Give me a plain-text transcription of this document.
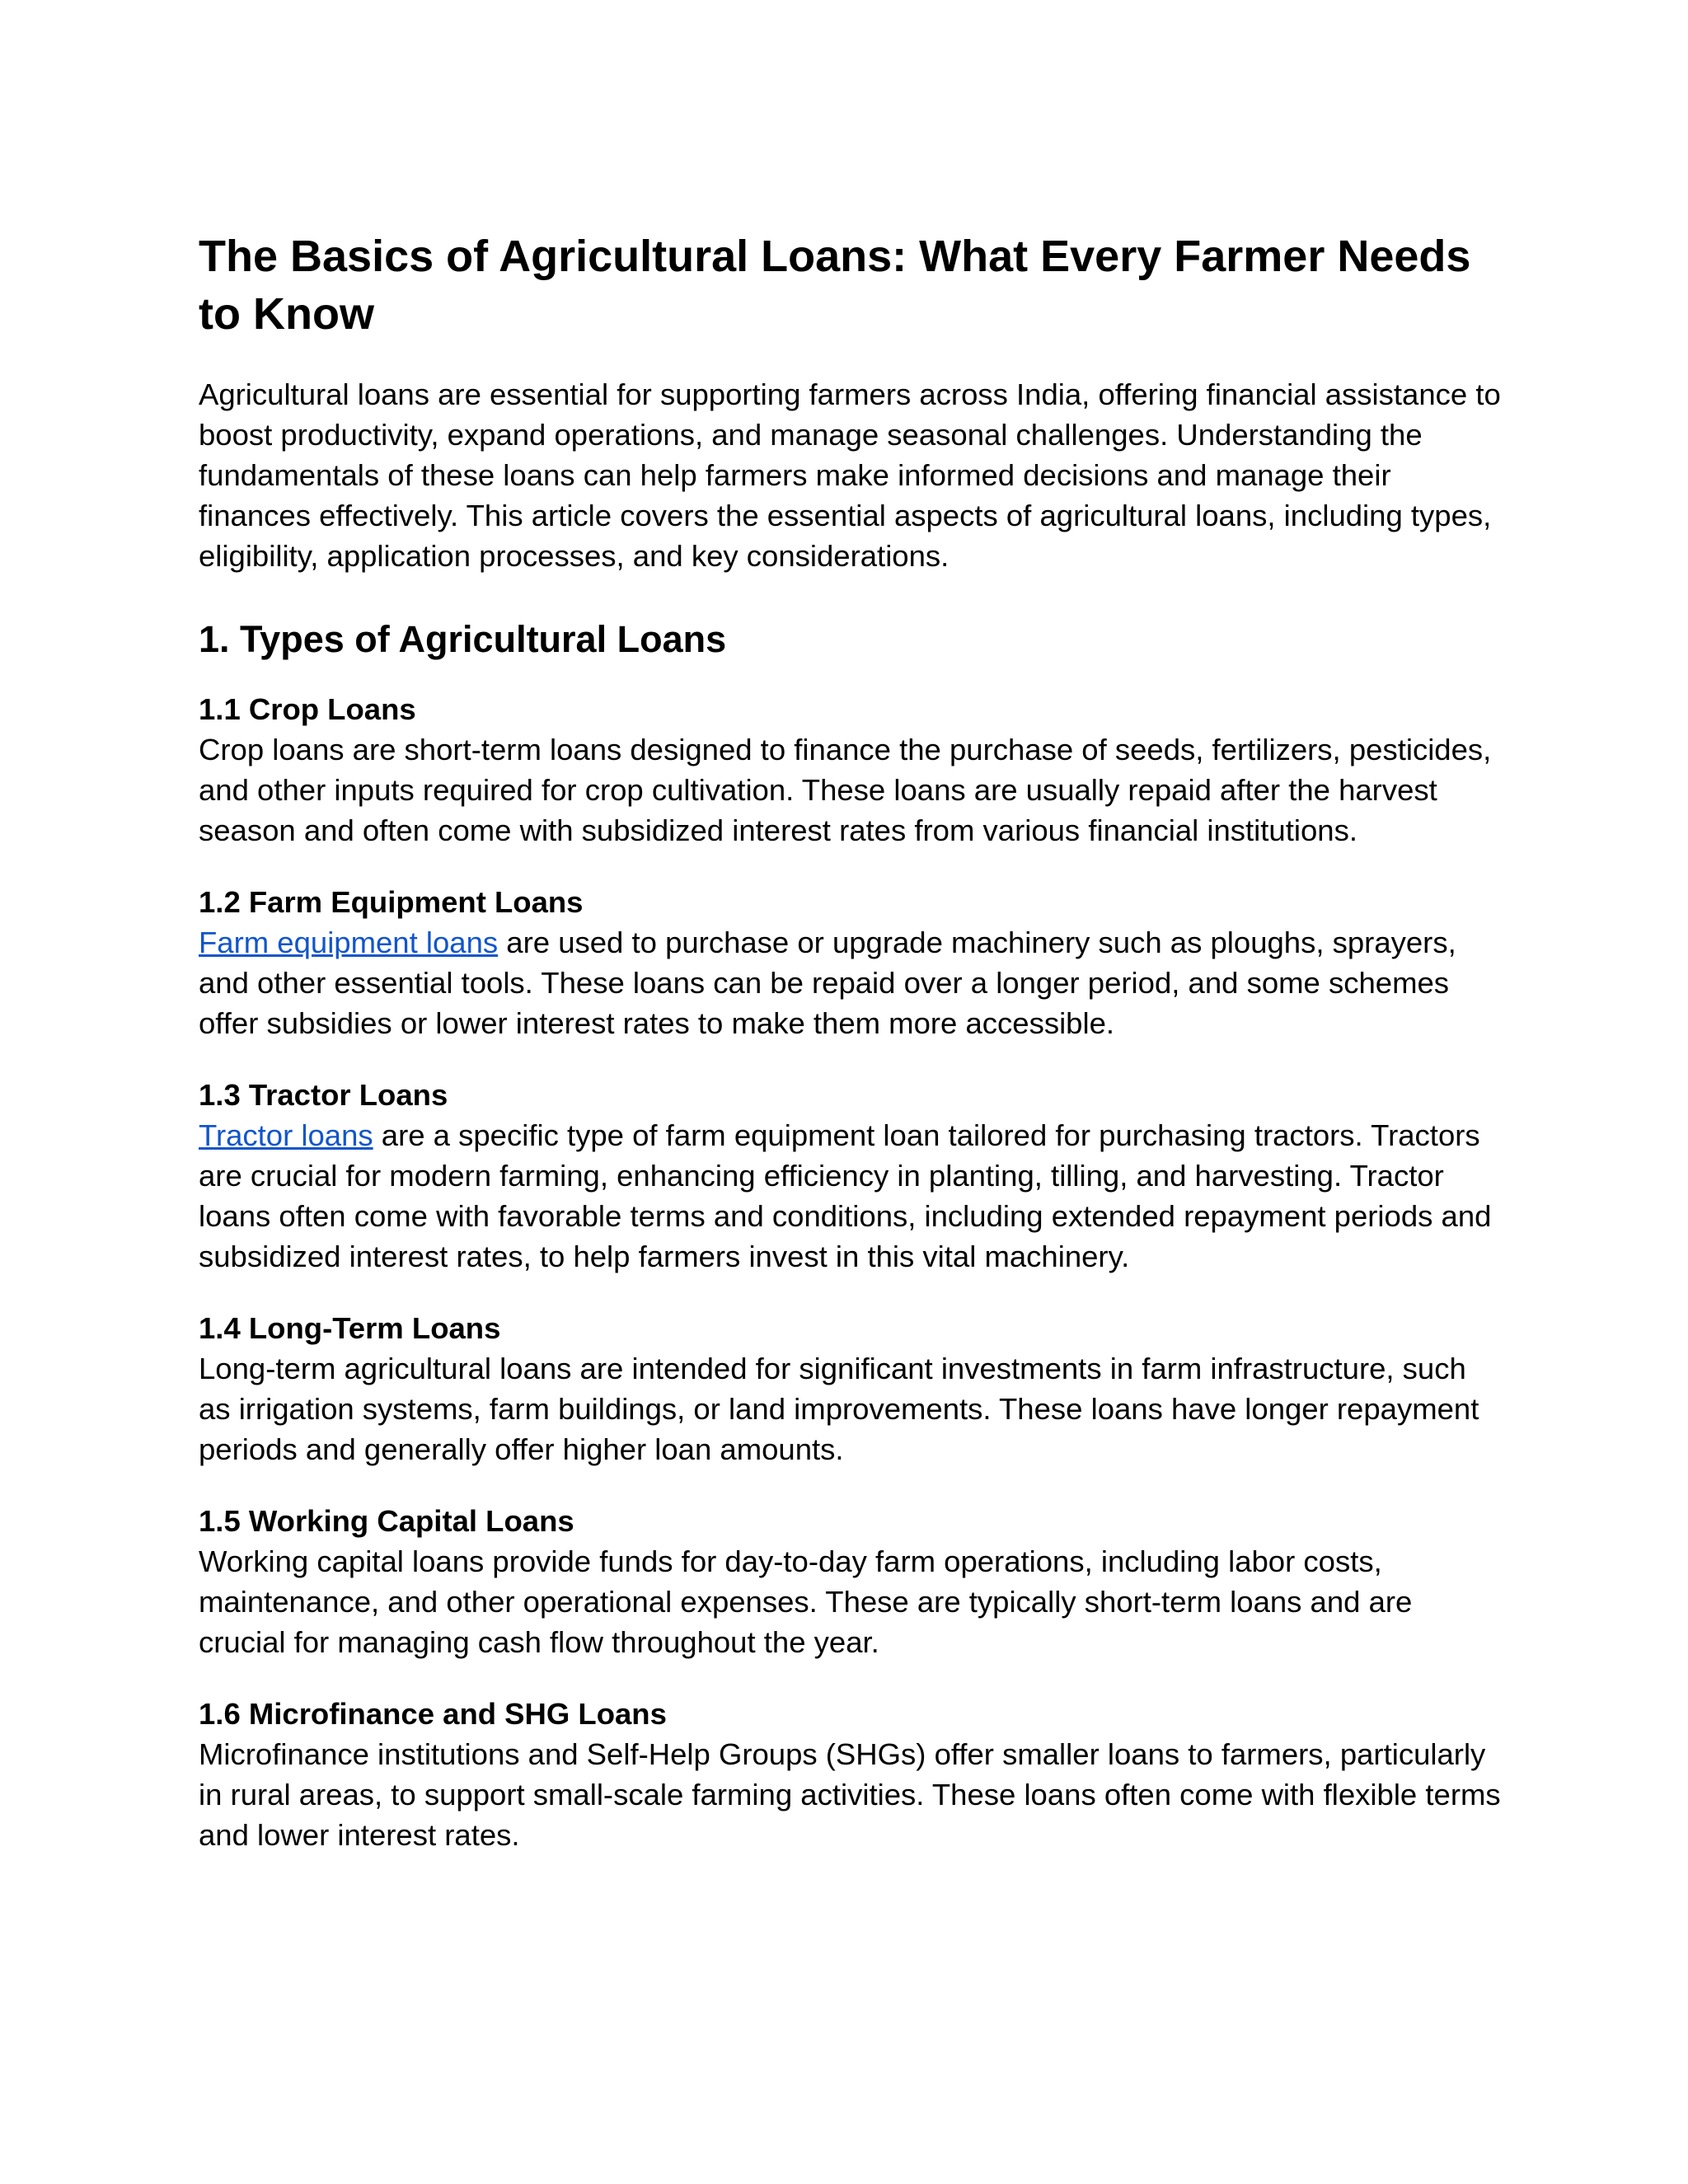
The Basics of Agricultural Loans: What Every Farmer Needs to Know

Agricultural loans are essential for supporting farmers across India, offering financial assistance to boost productivity, expand operations, and manage seasonal challenges. Understanding the fundamentals of these loans can help farmers make informed decisions and manage their finances effectively. This article covers the essential aspects of agricultural loans, including types, eligibility, application processes, and key considerations.

1. Types of Agricultural Loans

1.1 Crop Loans

Crop loans are short-term loans designed to finance the purchase of seeds, fertilizers, pesticides, and other inputs required for crop cultivation. These loans are usually repaid after the harvest season and often come with subsidized interest rates from various financial institutions.

1.2 Farm Equipment Loans

Farm equipment loans are used to purchase or upgrade machinery such as ploughs, sprayers, and other essential tools. These loans can be repaid over a longer period, and some schemes offer subsidies or lower interest rates to make them more accessible.

1.3 Tractor Loans

Tractor loans are a specific type of farm equipment loan tailored for purchasing tractors. Tractors are crucial for modern farming, enhancing efficiency in planting, tilling, and harvesting. Tractor loans often come with favorable terms and conditions, including extended repayment periods and subsidized interest rates, to help farmers invest in this vital machinery.

1.4 Long-Term Loans

Long-term agricultural loans are intended for significant investments in farm infrastructure, such as irrigation systems, farm buildings, or land improvements. These loans have longer repayment periods and generally offer higher loan amounts.

1.5 Working Capital Loans

Working capital loans provide funds for day-to-day farm operations, including labor costs, maintenance, and other operational expenses. These are typically short-term loans and are crucial for managing cash flow throughout the year.

1.6 Microfinance and SHG Loans

Microfinance institutions and Self-Help Groups (SHGs) offer smaller loans to farmers, particularly in rural areas, to support small-scale farming activities. These loans often come with flexible terms and lower interest rates.
